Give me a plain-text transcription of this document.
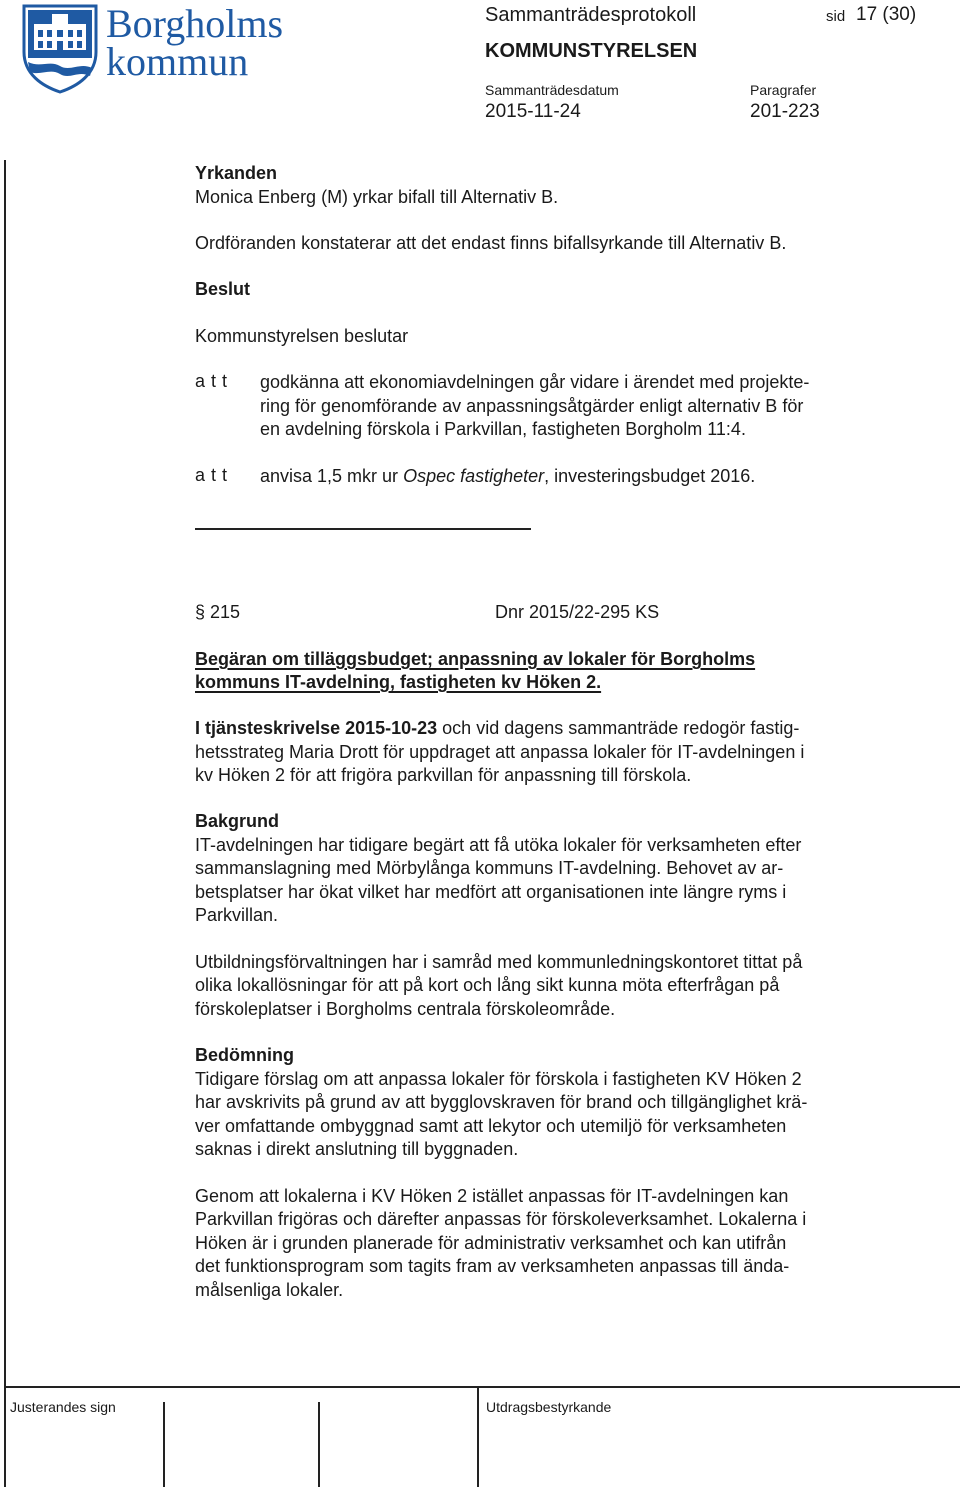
Borgholms
kommun
Sammanträdesprotokoll	sid 17 (30)
KOMMUNSTYRELSEN
Sammanträdesdatum
2015-11-24
Paragrafer
201-223
Yrkanden
Monica Enberg (M) yrkar bifall till Alternativ B.
Ordföranden konstaterar att det endast finns bifallsyrkande till Alternativ B.
Beslut
Kommunstyrelsen beslutar
a t t godkänna att ekonomiavdelningen går vidare i ärendet med projekte-
ring för genomförande av anpassningsåtgärder enligt alternativ B för
en avdelning förskola i Parkvillan, fastigheten Borgholm 11:4.
a t t anvisa 1,5 mkr ur Ospec fastigheter, investeringsbudget 2016.
§ 215	Dnr 2015/22-295 KS
Begäran om tilläggsbudget; anpassning av lokaler för Borgholms
kommuns IT-avdelning, fastigheten kv Höken 2.
I tjänsteskrivelse 2015-10-23 och vid dagens sammanträde redogör fastig-
hetsstrateg Maria Drott för uppdraget att anpassa lokaler för IT-avdelningen i
kv Höken 2 för att frigöra parkvillan för anpassning till förskola.
Bakgrund
IT-avdelningen har tidigare begärt att få utöka lokaler för verksamheten efter
sammanslagning med Mörbylånga kommuns IT-avdelning. Behovet av ar-
betsplatser har ökat vilket har medfört att organisationen inte längre ryms i
Parkvillan.
Utbildningsförvaltningen har i samråd med kommunledningskontoret tittat på
olika lokallösningar för att på kort och lång sikt kunna möta efterfrågan på
förskoleplatser i Borgholms centrala förskoleområde.
Bedömning
Tidigare förslag om att anpassa lokaler för förskola i fastigheten KV Höken 2
har avskrivits på grund av att bygglovskraven för brand och tillgänglighet krä-
ver omfattande ombyggnad samt att lekytor och utemiljö för verksamheten
saknas i direkt anslutning till byggnaden.
Genom att lokalerna i KV Höken 2 istället anpassas för IT-avdelningen kan
Parkvillan frigöras och därefter anpassas för förskoleverksamhet. Lokalerna i
Höken är i grunden planerade för administrativ verksamhet och kan utifrån
det funktionsprogram som tagits fram av verksamheten anpassas till ända-
målsenliga lokaler.
Justerandes sign	Utdragsbestyrkande
